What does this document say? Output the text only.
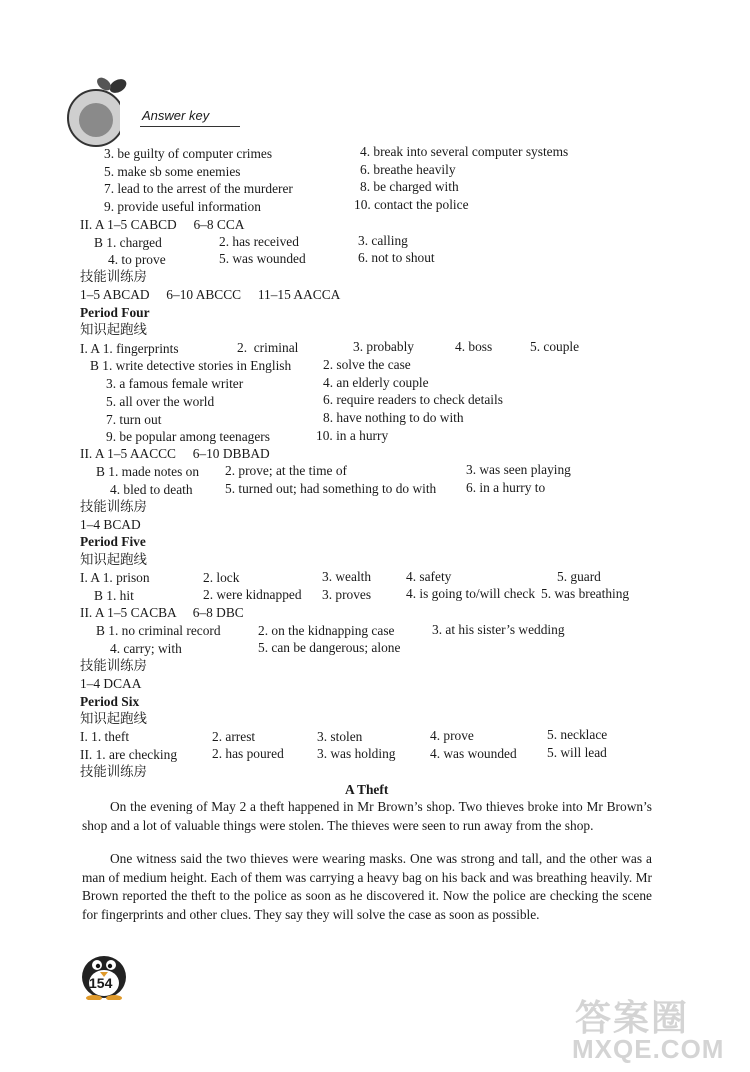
Answer key
3. be guilty of computer crimes	4. break into several computer systems
5. make sb some enemies	6. breathe heavily
7. lead to the arrest of the murderer	8. be charged with
9. provide useful information	10. contact the police
II. A 1–5 CABCD     6–8 CCA
B 1. charged	2. has received	3. calling
4. to prove	5. was wounded	6. not to shout
技能训练房
1–5 ABCAD     6–10 ABCCC     11–15 AACCA
Period Four
知识起跑线
I. A 1. fingerprints	2.  criminal	3. probably	4. boss	5. couple
B 1. write detective stories in English 2. solve the case
3. a famous female writer	4. an elderly couple
5. all over the world	6. require readers to check details
7. turn out	8. have nothing to do with
9. be popular among teenagers	10. in a hurry
II. A 1–5 AACCC     6–10 DBBAD
B 1. made notes on 2. prove; at the time of	3. was seen playing
4. bled to death 5. turned out; had something to do with 6. in a hurry to
技能训练房
1–4 BCAD
Period Five
知识起跑线
I. A 1. prison	2. lock	3. wealth	4. safety	5. guard
B 1. hit	2. were kidnapped 3. proves	4. is going to/will check 5. was breathing
II. A 1–5 CACBA     6–8 DBC
B 1. no criminal record	2. on the kidnapping case	3. at his sister’s wedding
4. carry; with	5. can be dangerous; alone
技能训练房
1–4 DCAA
Period Six
知识起跑线
I. 1. theft	2. arrest	3. stolen	4. prove	5. necklace
II. 1. are checking	2. has poured 3. was holding	4. was wounded 5. will lead
技能训练房
A Theft
On the evening of May 2 a theft happened in Mr Brown’s shop. Two thieves broke into Mr Brown’s shop and a lot of valuable things were stolen. The thieves were seen to run away from the shop.
One witness said the two thieves were wearing masks. One was strong and tall, and the other was a man of medium height. Each of them was carrying a heavy bag on his back and was breathing heavily. Mr Brown reported the theft to the police as soon as he discovered it. Now the police are checking the scene for fingerprints and other clues. They say they will solve the case as soon as possible.
154
答案圈
MXQE.COM
